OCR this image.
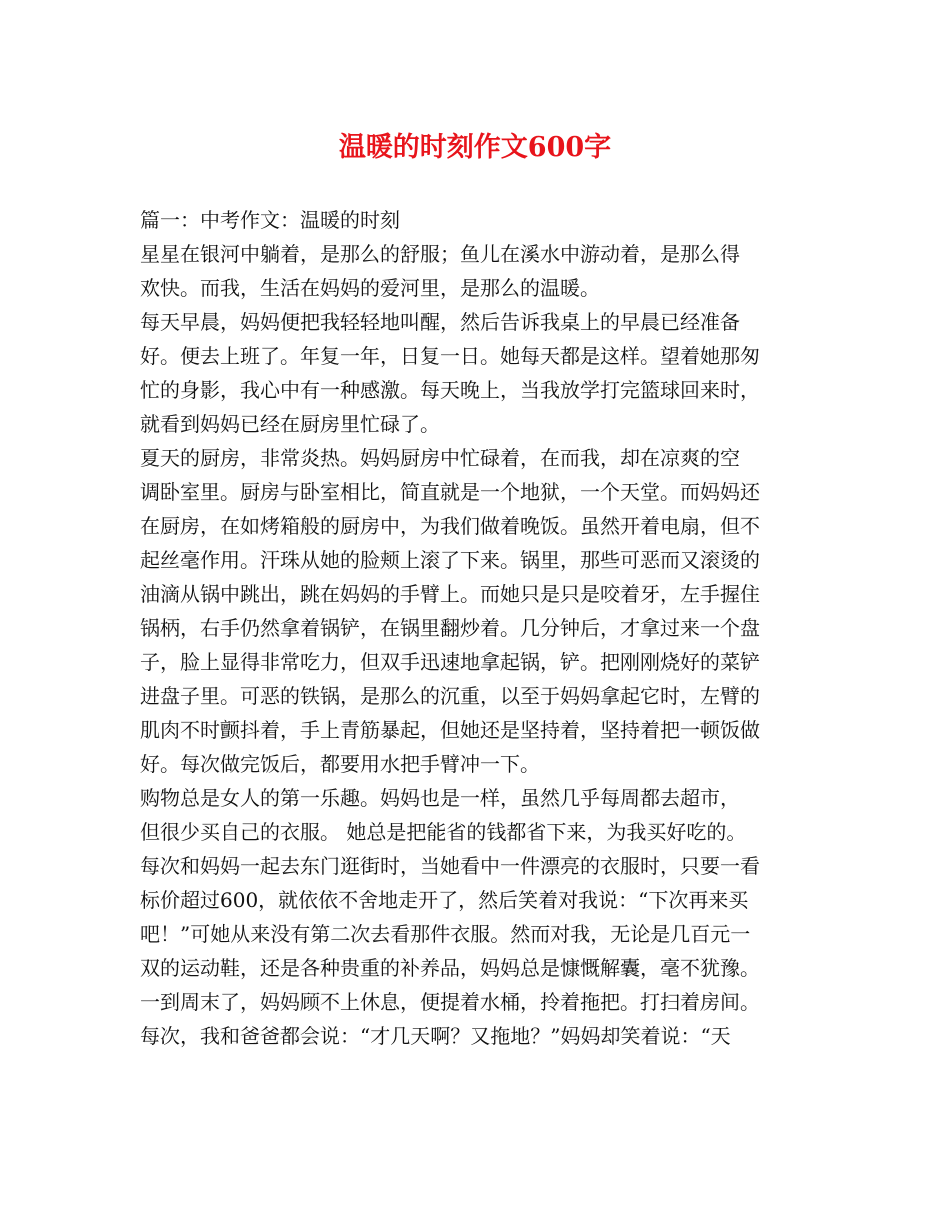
温暖的时刻作文600字
篇一：中考作文：温暖的时刻
星星在银河中躺着，是那么的舒服；鱼儿在溪水中游动着，是那么得
欢快。而我，生活在妈妈的爱河里，是那么的温暖。
每天早晨，妈妈便把我轻轻地叫醒，然后告诉我桌上的早晨已经准备
好。便去上班了。年复一年，日复一日。她每天都是这样。望着她那匆
忙的身影，我心中有一种感激。每天晚上，当我放学打完篮球回来时，
就看到妈妈已经在厨房里忙碌了。
夏天的厨房，非常炎热。妈妈厨房中忙碌着，在而我，却在凉爽的空
调卧室里。厨房与卧室相比，简直就是一个地狱，一个天堂。而妈妈还
在厨房，在如烤箱般的厨房中，为我们做着晚饭。虽然开着电扇，但不
起丝毫作用。汗珠从她的脸颊上滚了下来。锅里，那些可恶而又滚烫的
油滴从锅中跳出，跳在妈妈的手臂上。而她只是只是咬着牙，左手握住
锅柄，右手仍然拿着锅铲，在锅里翻炒着。几分钟后，才拿过来一个盘
子，脸上显得非常吃力，但双手迅速地拿起锅，铲。把刚刚烧好的菜铲
进盘子里。可恶的铁锅，是那么的沉重，以至于妈妈拿起它时，左臂的
肌肉不时颤抖着，手上青筋暴起，但她还是坚持着，坚持着把一顿饭做
好。每次做完饭后，都要用水把手臂冲一下。
购物总是女人的第一乐趣。妈妈也是一样，虽然几乎每周都去超市，
但很少买自己的衣服。 她总是把能省的钱都省下来，为我买好吃的。
每次和妈妈一起去东门逛街时，当她看中一件漂亮的衣服时，只要一看
标价超过600，就依依不舍地走开了，然后笑着对我说：“下次再来买
吧！”可她从来没有第二次去看那件衣服。然而对我，无论是几百元一
双的运动鞋，还是各种贵重的补养品，妈妈总是慷慨解囊，毫不犹豫。
一到周末了，妈妈顾不上休息，便提着水桶，拎着拖把。打扫着房间。
每次，我和爸爸都会说：“才几天啊？又拖地？”妈妈却笑着说：“天
